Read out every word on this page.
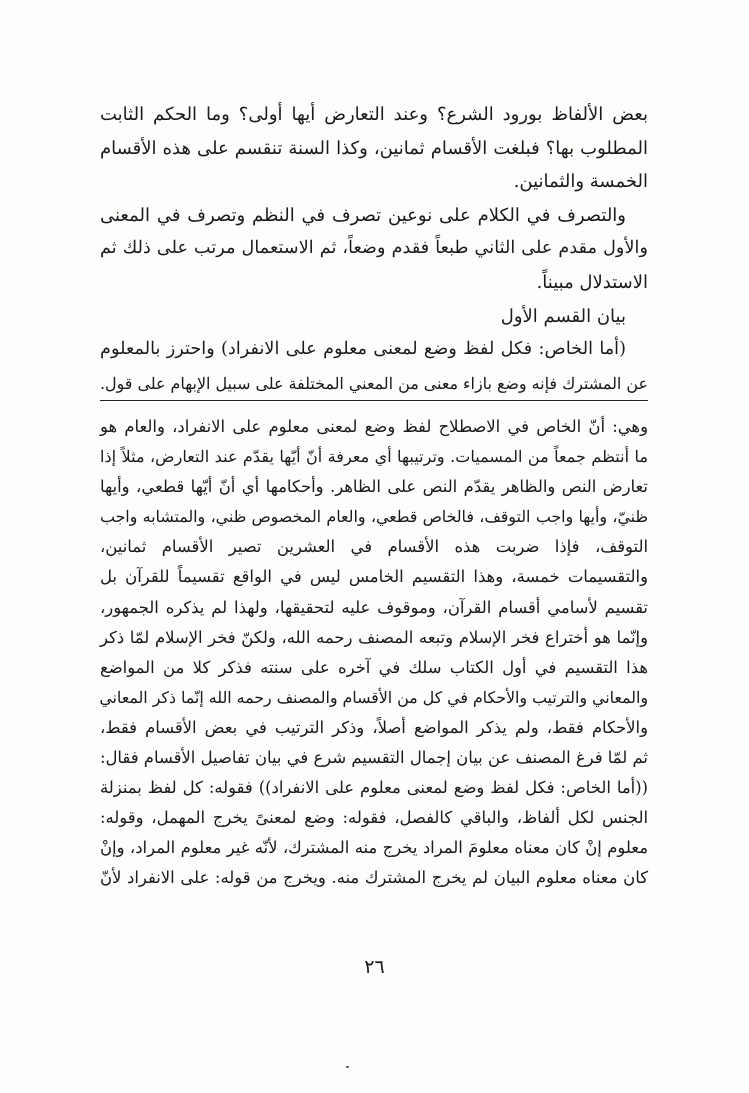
بعض الألفاظ بورود الشرع؟ وعند التعارض أيها أولى؟ وما الحكم الثابت
المطلوب بها؟ فبلغت الأقسام ثمانين، وكذا السنة تنقسم على هذه الأقسام
الخمسة والثمانين.
والتصرف في الكلام على نوعين تصرف في النظم وتصرف في المعنى
والأول مقدم على الثاني طبعاً فقدم وضعاً، ثم الاستعمال مرتب على ذلك ثم
الاستدلال مبيناً.
بيان القسم الأول
(أما الخاص: فكل لفظ وضع لمعنى معلوم على الانفراد) واحترز بالمعلوم
عن المشترك فإنه وضع بازاء معنى من المعني المختلفة على سبيل الإبهام على قول.
وهي: أنّ الخاص في الاصطلاح لفظ وضع لمعنى معلوم على الانفراد، والعام هو
ما أنتظم جمعاً من المسميات. وترتيبها أي معرفة أنّ أيّها يقدّم عند التعارض، مثلاً إذا
تعارض النص والظاهر يقدّم النص على الظاهر. وأحكامها أي أنّ أيّها قطعي، وأيها
ظنيّ، وأيها واجب التوقف، فالخاص قطعي، والعام المخصوص ظني، والمتشابه واجب
التوقف، فإذا ضربت هذه الأقسام في العشرين تصير الأقسام ثمانين،
والتقسيمات خمسة، وهذا التقسيم الخامس ليس في الواقع تقسيماً للقرآن بل
تقسيم لأسامي أقسام القرآن، وموقوف عليه لتحقيقها، ولهذا لم يذكره الجمهور،
وإنّما هو أختراع فخر الإسلام وتبعه المصنف رحمه الله، ولكنّ فخر الإسلام لمّا ذكر
هذا التقسيم في أول الكتاب سلك في آخره على سنته فذكر كلا من المواضع
والمعاني والترتيب والأحكام في كل من الأقسام والمصنف رحمه الله إنّما ذكر المعاني
والأحكام فقط، ولم يذكر المواضع أصلاً، وذكر الترتيب في بعض الأقسام فقط،
ثم لمّا فرغ المصنف عن بيان إجمال التقسيم شرع في بيان تفاصيل الأقسام فقال:
((أما الخاص: فكل لفظ وضع لمعنى معلوم على الانفراد)) فقوله: كل لفظ بمنزلة
الجنس لكل ألفاظ، والباقي كالفصل، فقوله: وضع لمعنىً يخرج المهمل، وقوله:
معلوم إنْ كان معناه معلومَ المراد يخرج منه المشترك، لأنّه غير معلوم المراد، وإنْ
كان معناه معلوم البيان لم يخرج المشترك منه. ويخرج من قوله: على الانفراد لأنّ
٢٦
